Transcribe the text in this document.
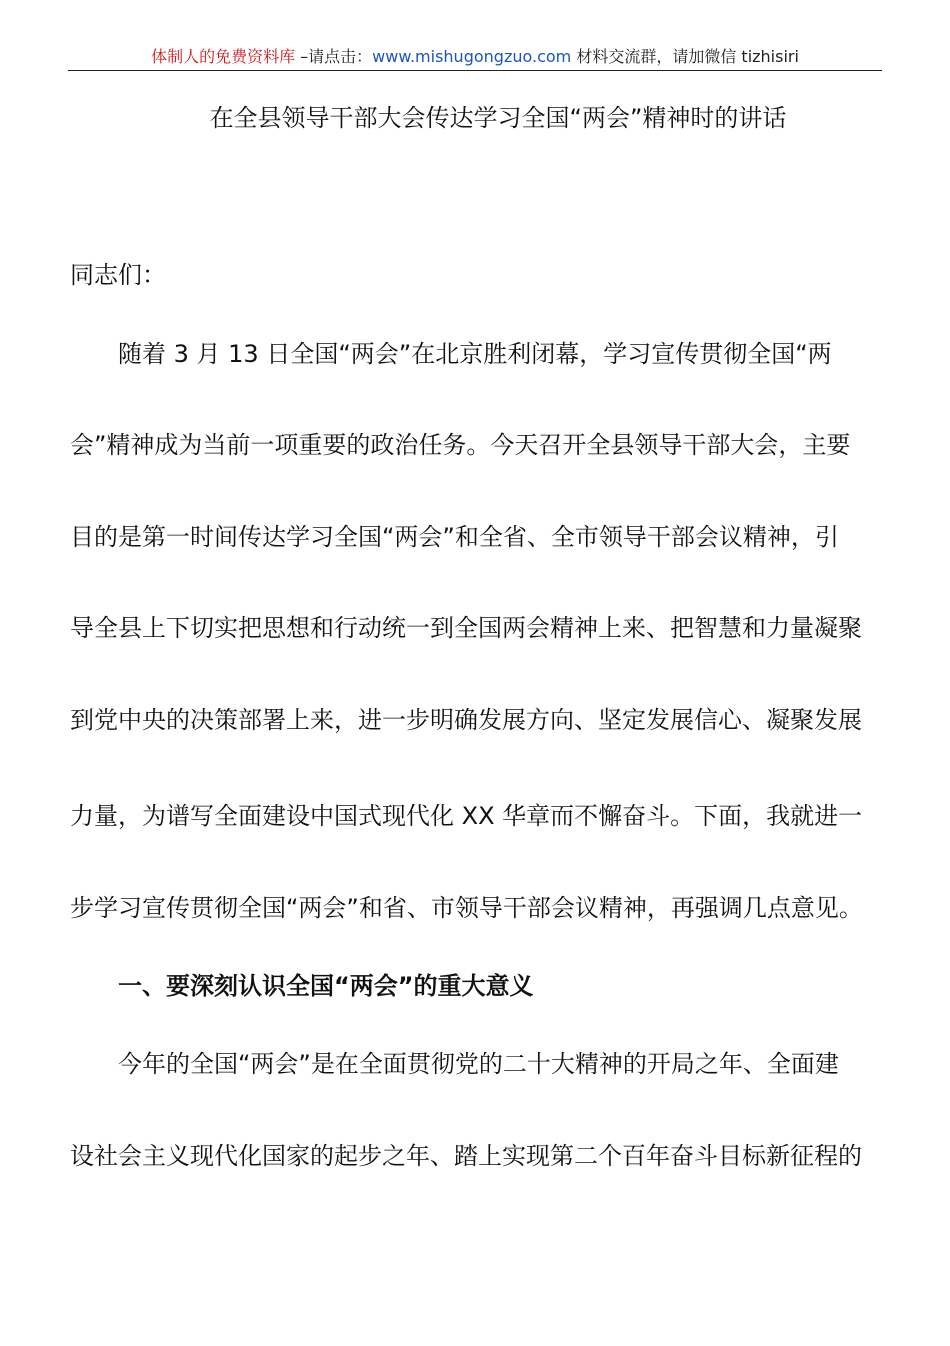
体制人的免费资料库 –请点击：www.mishugongzuo.com 材料交流群，请加微信 tizhisiri
在全县领导干部大会传达学习全国“两会”精神时的讲话
同志们：
随着 3 月 13 日全国“两会”在北京胜利闭幕，学习宣传贯彻全国“两
会”精神成为当前一项重要的政治任务。今天召开全县领导干部大会，主要
目的是第一时间传达学习全国“两会”和全省、全市领导干部会议精神，引
导全县上下切实把思想和行动统一到全国两会精神上来、把智慧和力量凝聚
到党中央的决策部署上来，进一步明确发展方向、坚定发展信心、凝聚发展
力量，为谱写全面建设中国式现代化 XX 华章而不懈奋斗。下面，我就进一
步学习宣传贯彻全国“两会”和省、市领导干部会议精神，再强调几点意见。
一、要深刻认识全国“两会”的重大意义
今年的全国“两会”是在全面贯彻党的二十大精神的开局之年、全面建
设社会主义现代化国家的起步之年、踏上实现第二个百年奋斗目标新征程的
